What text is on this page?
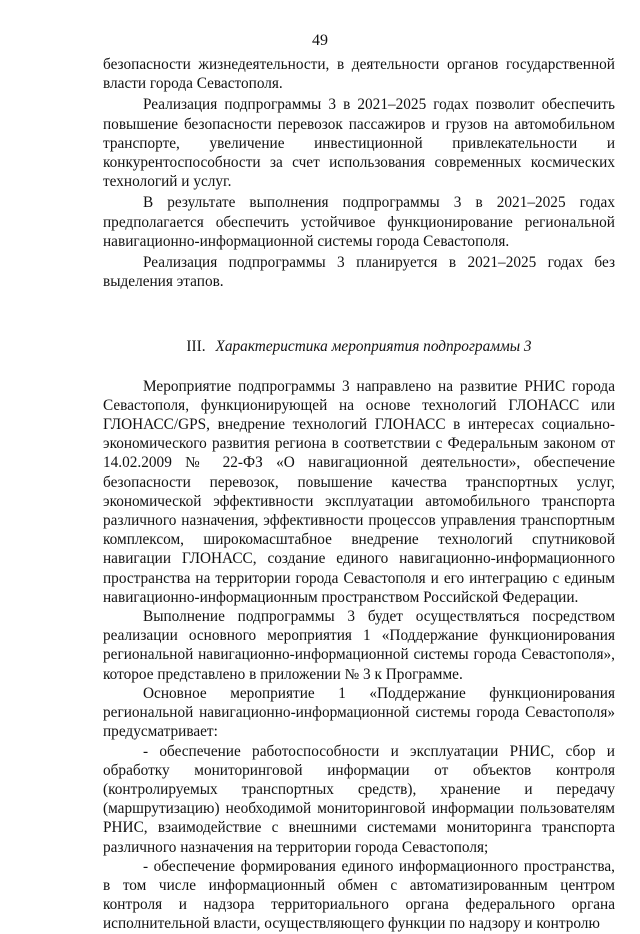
49

безопасности жизнедеятельности, в деятельности органов государственной власти города Севастополя.

Реализация подпрограммы 3 в 2021–2025 годах позволит обеспечить повышение безопасности перевозок пассажиров и грузов на автомобильном транспорте, увеличение инвестиционной привлекательности и конкурентоспособности за счет использования современных космических технологий и услуг.

В результате выполнения подпрограммы 3 в 2021–2025 годах предполагается обеспечить устойчивое функционирование региональной навигационно-информационной системы города Севастополя.

Реализация подпрограммы 3 планируется в 2021–2025 годах без выделения этапов.

III. Характеристика мероприятия подпрограммы 3

Мероприятие подпрограммы 3 направлено на развитие РНИС города Севастополя, функционирующей на основе технологий ГЛОНАСС или ГЛОНАСС/GPS, внедрение технологий ГЛОНАСС в интересах социально-экономического развития региона в соответствии с Федеральным законом от 14.02.2009 № 22-ФЗ «О навигационной деятельности», обеспечение безопасности перевозок, повышение качества транспортных услуг, экономической эффективности эксплуатации автомобильного транспорта различного назначения, эффективности процессов управления транспортным комплексом, широкомасштабное внедрение технологий спутниковой навигации ГЛОНАСС, создание единого навигационно-информационного пространства на территории города Севастополя и его интеграцию с единым навигационно-информационным пространством Российской Федерации.

Выполнение подпрограммы 3 будет осуществляться посредством реализации основного мероприятия 1 «Поддержание функционирования региональной навигационно-информационной системы города Севастополя», которое представлено в приложении № 3 к Программе.

Основное мероприятие 1 «Поддержание функционирования региональной навигационно-информационной системы города Севастополя» предусматривает:

- обеспечение работоспособности и эксплуатации РНИС, сбор и обработку мониторинговой информации от объектов контроля (контролируемых транспортных средств), хранение и передачу (маршрутизацию) необходимой мониторинговой информации пользователям РНИС, взаимодействие с внешними системами мониторинга транспорта различного назначения на территории города Севастополя;

- обеспечение формирования единого информационного пространства, в том числе информационный обмен с автоматизированным центром контроля и надзора территориального органа федерального органа исполнительной власти, осуществляющего функции по надзору и контролю
